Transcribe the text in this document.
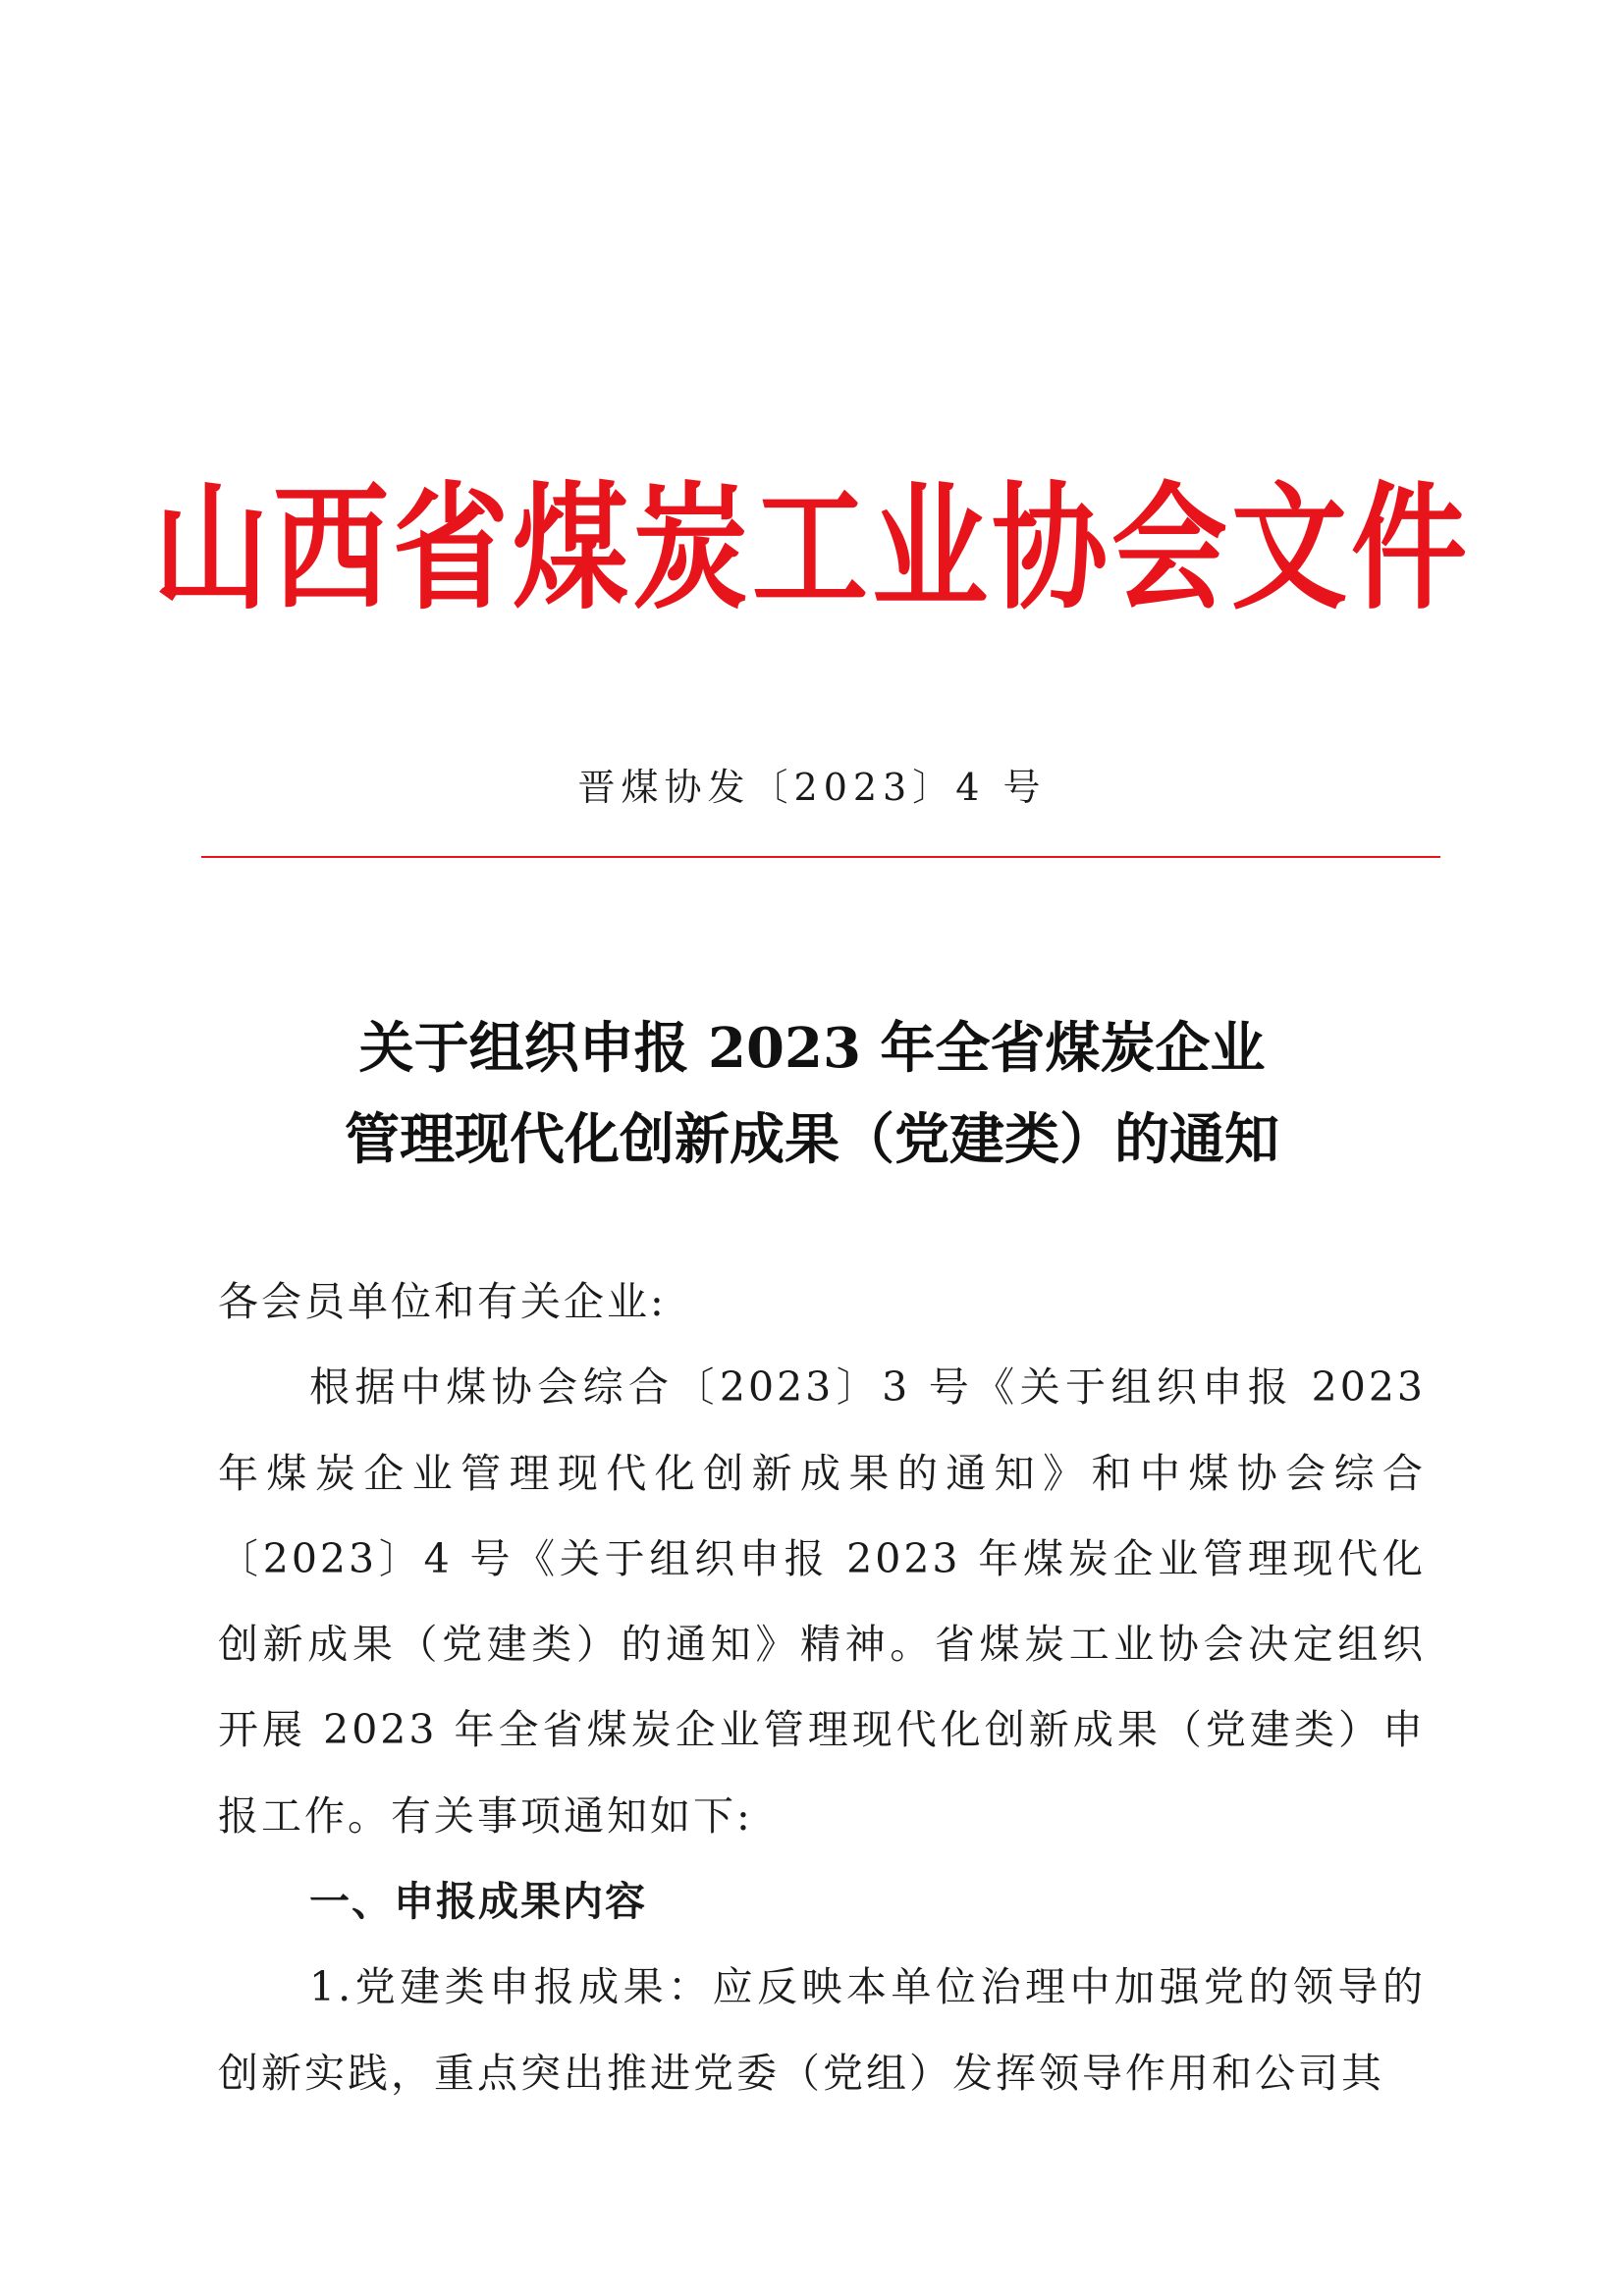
山西省煤炭工业协会文件
晋煤协发〔2023〕4 号
关于组织申报 2023 年全省煤炭企业
管理现代化创新成果（党建类）的通知
各会员单位和有关企业:
根据中煤协会综合〔2023〕3 号《关于组织申报 2023 年煤炭企业管理现代化创新成果的通知》和中煤协会综合〔2023〕4 号《关于组织申报 2023 年煤炭企业管理现代化创新成果（党建类）的通知》精神。省煤炭工业协会决定组织开展 2023 年全省煤炭企业管理现代化创新成果（党建类）申报工作。有关事项通知如下:
一、申报成果内容
1.党建类申报成果：应反映本单位治理中加强党的领导的创新实践，重点突出推进党委（党组）发挥领导作用和公司其
